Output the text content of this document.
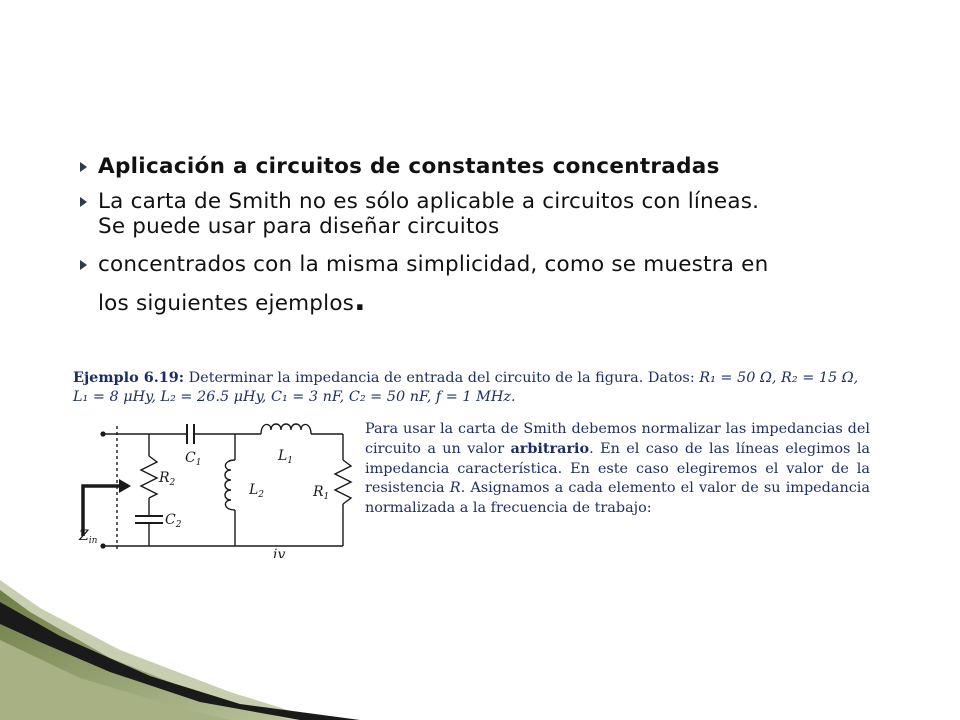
Aplicación a circuitos de constantes concentradas
La carta de Smith no es sólo aplicable a circuitos con líneas.
Se puede usar para diseñar circuitos
concentrados con la misma simplicidad, como se muestra en
los siguientes ejemplos.
Ejemplo 6.19: Determinar la impedancia de entrada del circuito de la figura. Datos: R₁ = 50 Ω, R₂ = 15 Ω, L₁ = 8 μHy, L₂ = 26.5 μHy, C₁ = 3 nF, C₂ = 50 nF, f = 1 MHz.
$C_1$	$L_1$
$R_2$	$L_2$	$R_1$
$C_2$
$Z_{in}$
iv
Para usar la carta de Smith debemos normalizar las impedancias del circuito a un valor arbitrario. En el caso de las líneas elegimos la impedancia característica. En este caso elegiremos el valor de la resistencia R. Asignamos a cada elemento el valor de su impedancia normalizada a la frecuencia de trabajo:
